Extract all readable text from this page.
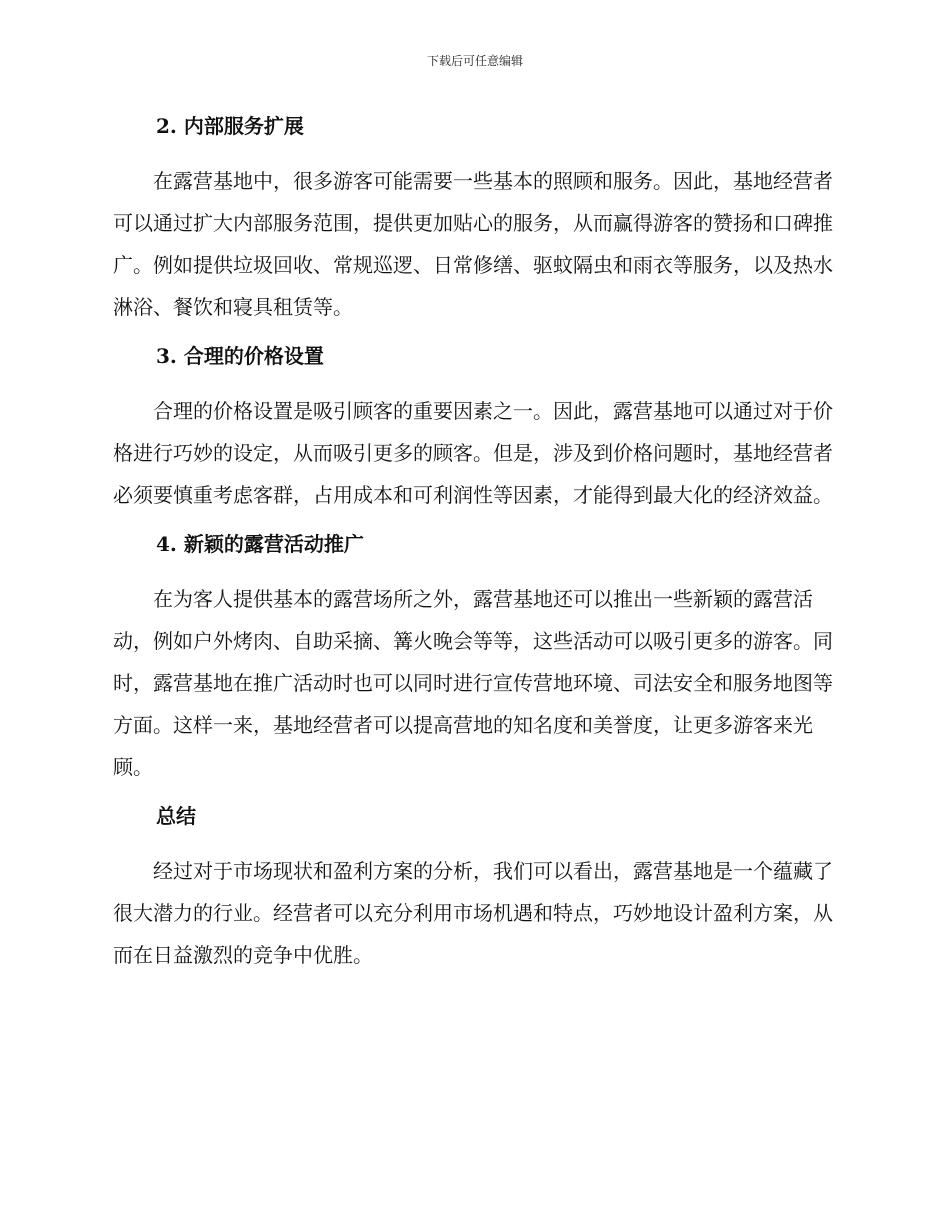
下载后可任意编辑
2. 内部服务扩展

在露营基地中，很多游客可能需要一些基本的照顾和服务。因此，基地经营者可以通过扩大内部服务范围，提供更加贴心的服务，从而赢得游客的赞扬和口碑推广。例如提供垃圾回收、常规巡逻、日常修缮、驱蚊隔虫和雨衣等服务，以及热水淋浴、餐饮和寝具租赁等。

3. 合理的价格设置

合理的价格设置是吸引顾客的重要因素之一。因此，露营基地可以通过对于价格进行巧妙的设定，从而吸引更多的顾客。但是，涉及到价格问题时，基地经营者必须要慎重考虑客群，占用成本和可利润性等因素，才能得到最大化的经济效益。

4. 新颖的露营活动推广

在为客人提供基本的露营场所之外，露营基地还可以推出一些新颖的露营活动，例如户外烤肉、自助采摘、篝火晚会等等，这些活动可以吸引更多的游客。同时，露营基地在推广活动时也可以同时进行宣传营地环境、司法安全和服务地图等方面。这样一来，基地经营者可以提高营地的知名度和美誉度，让更多游客来光顾。

总结

经过对于市场现状和盈利方案的分析，我们可以看出，露营基地是一个蕴藏了很大潜力的行业。经营者可以充分利用市场机遇和特点，巧妙地设计盈利方案，从而在日益激烈的竞争中优胜。
